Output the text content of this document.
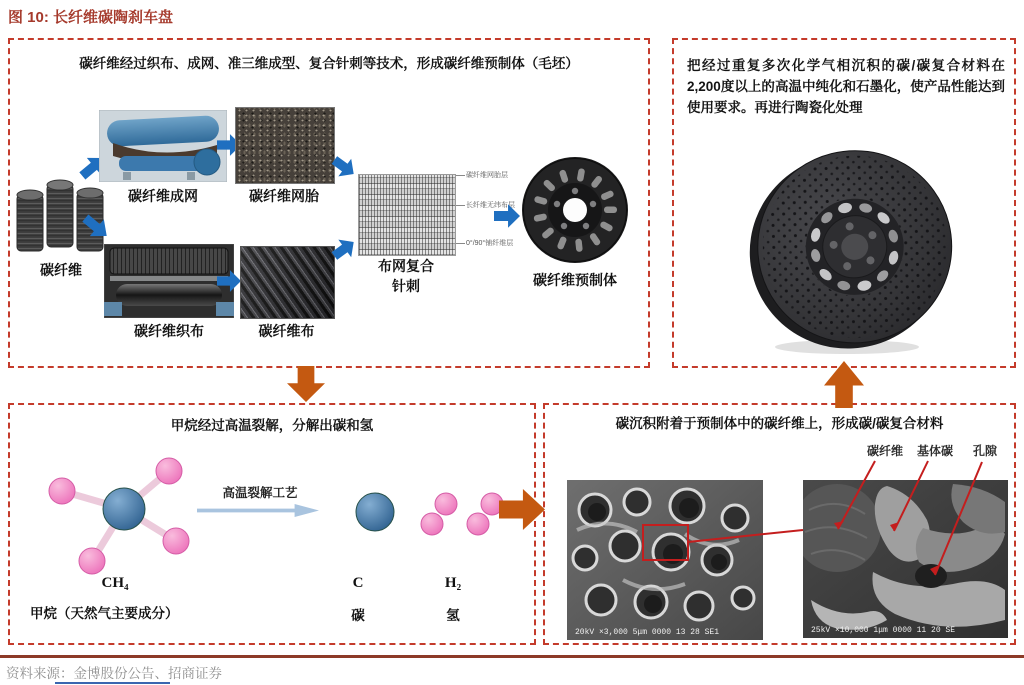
图 10: 长纤维碳陶刹车盘
碳纤维经过织布、成网、准三维成型、复合针刺等技术，形成碳纤维预制体（毛坯）
碳纤维
碳纤维成网	碳纤维网胎
碳纤维织布	碳纤维布
碳纤维网胎层
长纤维无纬布层
0°/90°铺纤维层
布网复合
针刺	碳纤维预制体
把经过重复多次化学气相沉积的碳/碳复合材料在2,200度以上的高温中纯化和石墨化，使产品性能达到使用要求。再进行陶瓷化处理
甲烷经过高温裂解，分解出碳和氢
高温裂解工艺
CH₄	C	H₂
甲烷（天然气主要成分）	碳	氢
碳沉积附着于预制体中的碳纤维上，形成碳/碳复合材料
碳纤维 基体碳 孔隙
20kV ×3,000 5μm 0000 13 28 SE1	25kV ×10,000 1μm 0000 11 20 SE
资料来源：金博股份公告、招商证券
